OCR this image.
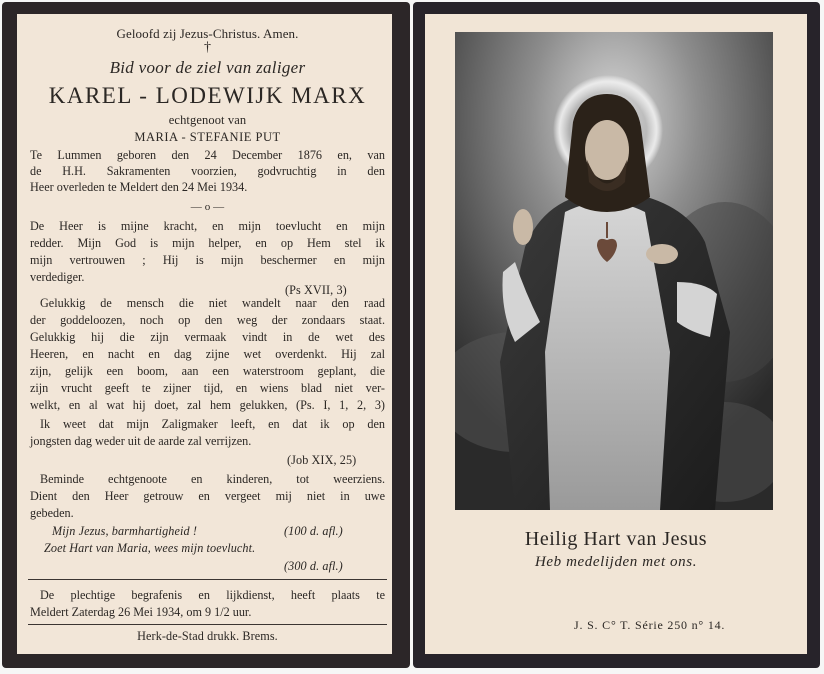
Geloofd zij Jezus-Christus. Amen.
†
Bid voor de ziel van zaliger
KAREL - LODEWIJK MARX
echtgenoot van
MARIA - STEFANIE PUT
Te Lummen geboren den 24 December 1876 en, van
de H.H. Sakramenten voorzien, godvruchtig in den
Heer overleden te Meldert den 24 Mei 1934.
— o —
De Heer is mijne kracht, en mijn toevlucht en mijn
redder. Mijn God is mijn helper, en op Hem stel ik
mijn vertrouwen ; Hij is mijn beschermer en mijn
verdediger.
(Ps XVII, 3)
Gelukkig de mensch die niet wandelt naar den raad
der goddeloozen, noch op den weg der zondaars staat.
Gelukkig hij die zijn vermaak vindt in de wet des
Heeren, en nacht en dag zijne wet overdenkt. Hij zal
zijn, gelijk een boom, aan een waterstroom geplant, die
zijn vrucht geeft te zijner tijd, en wiens blad niet ver-
welkt, en al wat hij doet, zal hem gelukken, (Ps. I, 1, 2, 3)
Ik weet dat mijn Zaligmaker leeft, en dat ik op den
jongsten dag weder uit de aarde zal verrijzen.
(Job XIX, 25)
Beminde echtgenoote en kinderen, tot weerziens.
Dient den Heer getrouw en vergeet mij niet in uwe
gebeden.
Mijn Jezus, barmhartigheid !	(100 d. afl.)
Zoet Hart van Maria, wees mijn toevlucht.
(300 d. afl.)
De plechtige begrafenis en lijkdienst, heeft plaats te
Meldert Zaterdag 26 Mei 1934, om 9 1/2 uur.
Herk-de-Stad drukk. Brems.
Heilig Hart van Jesus
Heb medelijden met ons.
J. S. C° T. Série 250 n° 14.
